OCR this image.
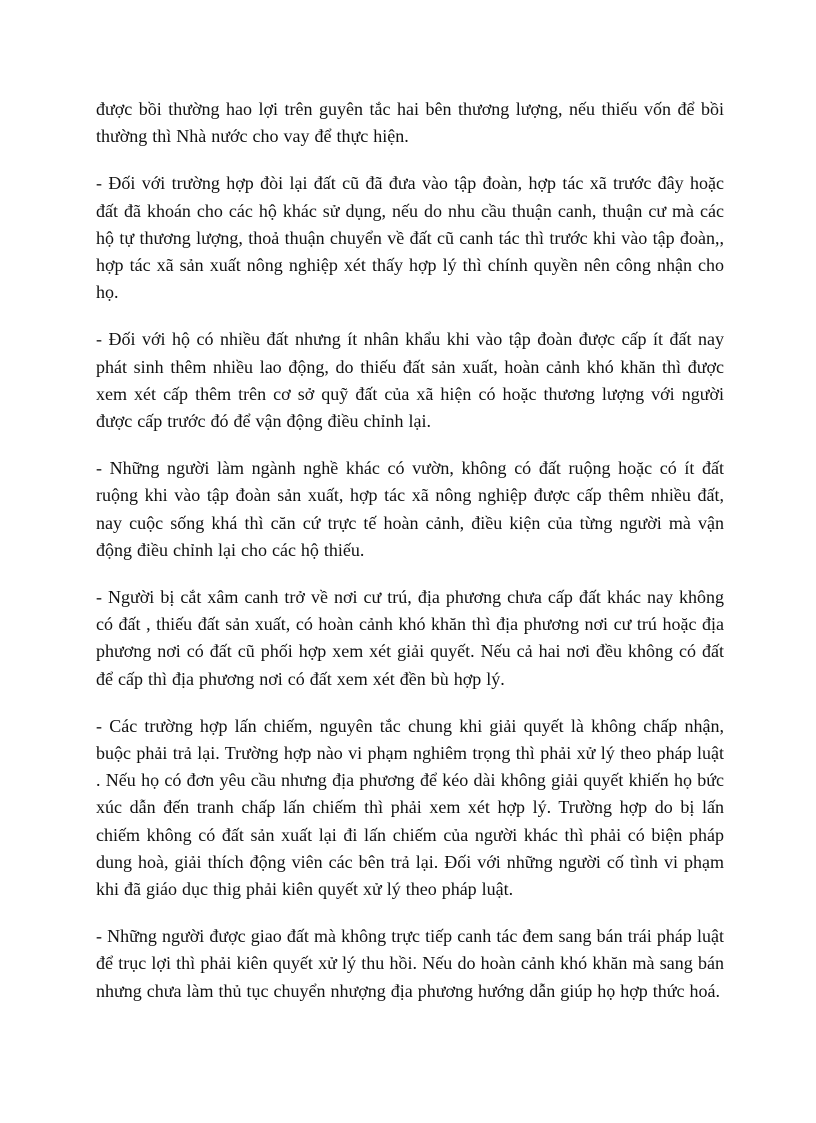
được bồi thường hao lợi trên guyên tắc hai bên thương lượng, nếu thiếu vốn để bồi thường thì Nhà nước cho vay để thực hiện.

- Đối với trường hợp đòi lại đất cũ đã đưa vào tập đoàn, hợp tác xã trước đây hoặc đất đã khoán cho các hộ khác sử dụng, nếu do nhu cầu thuận canh, thuận cư mà các hộ tự thương lượng, thoả thuận chuyển về đất cũ canh tác thì trước khi vào tập đoàn,, hợp tác xã sản xuất nông nghiệp xét thấy hợp lý thì chính quyền nên công nhận cho họ.

- Đối với hộ có nhiều đất nhưng ít nhân khẩu khi vào tập đoàn được cấp ít đất nay phát sinh thêm nhiều lao động, do thiếu đất sản xuất, hoàn cảnh khó khăn thì được xem xét cấp thêm trên cơ sở quỹ đất của xã hiện có hoặc thương lượng với người được cấp trước đó để vận động điều chỉnh lại.

- Những người làm ngành nghề khác có vườn, không có đất ruộng hoặc có ít đất ruộng khi vào tập đoàn sản xuất, hợp tác xã nông nghiệp được cấp thêm nhiều đất, nay cuộc sống khá thì căn cứ trực tế hoàn cảnh, điều kiện của từng người mà vận động điều chỉnh lại cho các hộ thiếu.

- Người bị cắt xâm canh trở về nơi cư trú, địa phương chưa cấp đất khác nay không có đất , thiếu đất sản xuất, có hoàn cảnh khó khăn thì địa phương nơi cư trú hoặc địa phương nơi có đất cũ phối hợp xem xét giải quyết. Nếu cả hai nơi đều không có đất để cấp thì địa phương nơi có đất xem xét đền bù hợp lý.

- Các trường hợp lấn chiếm, nguyên tắc chung khi giải quyết là không chấp nhận, buộc phải trả lại. Trường hợp nào vi phạm nghiêm trọng thì phải xử lý theo pháp luật . Nếu họ có đơn yêu cầu nhưng địa phương để kéo dài không giải quyết khiến họ bức xúc dẫn đến tranh chấp lấn chiếm thì phải xem xét hợp lý. Trường hợp do bị lấn chiếm không có đất sản xuất lại đi lấn chiếm của người khác thì phải có biện pháp dung hoà, giải thích động viên các bên trả lại. Đối với những người cố tình vi phạm khi đã giáo dục thig phải kiên quyết xử lý theo pháp luật.

- Những người được giao đất mà không trực tiếp canh tác đem sang bán trái pháp luật để trục lợi thì phải kiên quyết xử lý thu hồi. Nếu do hoàn cảnh khó khăn mà sang bán nhưng chưa làm thủ tục chuyển nhượng địa phương hướng dẫn giúp họ hợp thức hoá.
